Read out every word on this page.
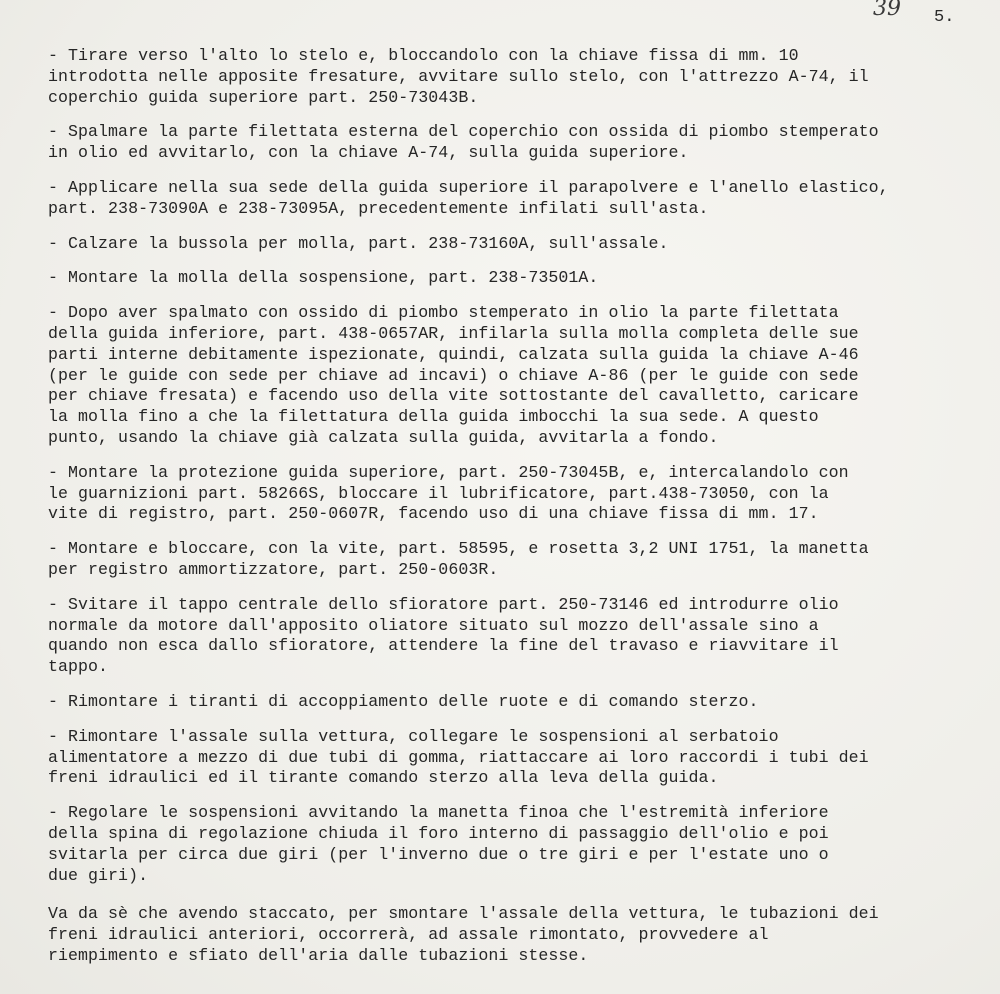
39 5.

- Tirare verso l'alto lo stelo e, bloccandolo con la chiave fissa di mm. 10
introdotta nelle apposite fresature, avvitare sullo stelo, con l'attrezzo A-74, il
coperchio guida superiore part. 250-73043B.

- Spalmare la parte filettata esterna del coperchio con ossida di piombo stemperato
in olio ed avvitarlo, con la chiave A-74, sulla guida superiore.

- Applicare nella sua sede della guida superiore il parapolvere e l'anello elastico,
part. 238-73090A e 238-73095A, precedentemente infilati sull'asta.

- Calzare la bussola per molla, part. 238-73160A, sull'assale.

- Montare la molla della sospensione, part. 238-73501A.

- Dopo aver spalmato con ossido di piombo stemperato in olio la parte filettata
della guida inferiore, part. 438-0657AR, infilarla sulla molla completa delle sue
parti interne debitamente ispezionate, quindi, calzata sulla guida la chiave A-46
(per le guide con sede per chiave ad incavi) o chiave A-86 (per le guide con sede
per chiave fresata) e facendo uso della vite sottostante del cavalletto, caricare
la molla fino a che la filettatura della guida imbocchi la sua sede. A questo
punto, usando la chiave già calzata sulla guida, avvitarla a fondo.

- Montare la protezione guida superiore, part. 250-73045B, e, intercalandolo con
le guarnizioni part. 58266S, bloccare il lubrificatore, part.438-73050, con la
vite di registro, part. 250-0607R, facendo uso di una chiave fissa di mm. 17.

- Montare e bloccare, con la vite, part. 58595, e rosetta 3,2 UNI 1751, la manetta
per registro ammortizzatore, part. 250-0603R.

- Svitare il tappo centrale dello sfioratore part. 250-73146 ed introdurre olio
normale da motore dall'apposito oliatore situato sul mozzo dell'assale sino a
quando non esca dallo sfioratore, attendere la fine del travaso e riavvitare il
tappo.

- Rimontare i tiranti di accoppiamento delle ruote e di comando sterzo.

- Rimontare l'assale sulla vettura, collegare le sospensioni al serbatoio
alimentatore a mezzo di due tubi di gomma, riattaccare ai loro raccordi i tubi dei
freni idraulici ed il tirante comando sterzo alla leva della guida.

- Regolare le sospensioni avvitando la manetta finoa che l'estremità inferiore
della spina di regolazione chiuda il foro interno di passaggio dell'olio e poi
svitarla per circa due giri (per l'inverno due o tre giri e per l'estate uno o
due giri).

Va da sè che avendo staccato, per smontare l'assale della vettura, le tubazioni dei
freni idraulici anteriori, occorrerà, ad assale rimontato, provvedere al
riempimento e sfiato dell'aria dalle tubazioni stesse.
